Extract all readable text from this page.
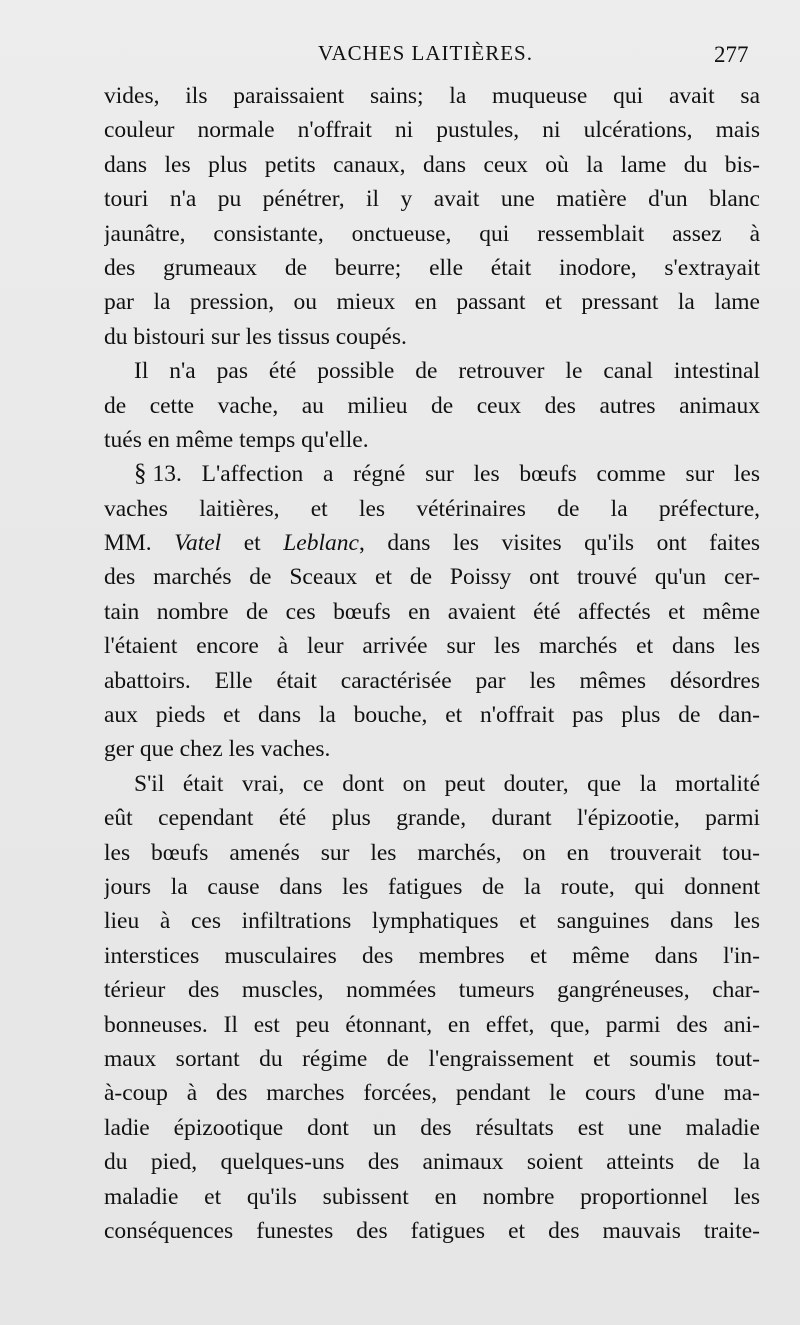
VACHES LAITIÈRES.	277
vides, ils paraissaient sains; la muqueuse qui avait sa
couleur normale n'offrait ni pustules, ni ulcérations, mais
dans les plus petits canaux, dans ceux où la lame du bis-
touri n'a pu pénétrer, il y avait une matière d'un blanc
jaunâtre, consistante, onctueuse, qui ressemblait assez à
des grumeaux de beurre; elle était inodore, s'extrayait
par la pression, ou mieux en passant et pressant la lame
du bistouri sur les tissus coupés.
Il n'a pas été possible de retrouver le canal intestinal
de cette vache, au milieu de ceux des autres animaux
tués en même temps qu'elle.
§ 13. L'affection a régné sur les bœufs comme sur les
vaches laitières, et les vétérinaires de la préfecture,
MM. Vatel et Leblanc, dans les visites qu'ils ont faites
des marchés de Sceaux et de Poissy ont trouvé qu'un cer-
tain nombre de ces bœufs en avaient été affectés et même
l'étaient encore à leur arrivée sur les marchés et dans les
abattoirs. Elle était caractérisée par les mêmes désordres
aux pieds et dans la bouche, et n'offrait pas plus de dan-
ger que chez les vaches.
S'il était vrai, ce dont on peut douter, que la mortalité
eût cependant été plus grande, durant l'épizootie, parmi
les bœufs amenés sur les marchés, on en trouverait tou-
jours la cause dans les fatigues de la route, qui donnent
lieu à ces infiltrations lymphatiques et sanguines dans les
interstices musculaires des membres et même dans l'in-
térieur des muscles, nommées tumeurs gangréneuses, char-
bonneuses. Il est peu étonnant, en effet, que, parmi des ani-
maux sortant du régime de l'engraissement et soumis tout-
à-coup à des marches forcées, pendant le cours d'une ma-
ladie épizootique dont un des résultats est une maladie
du pied, quelques-uns des animaux soient atteints de la
maladie et qu'ils subissent en nombre proportionnel les
conséquences funestes des fatigues et des mauvais traite-
